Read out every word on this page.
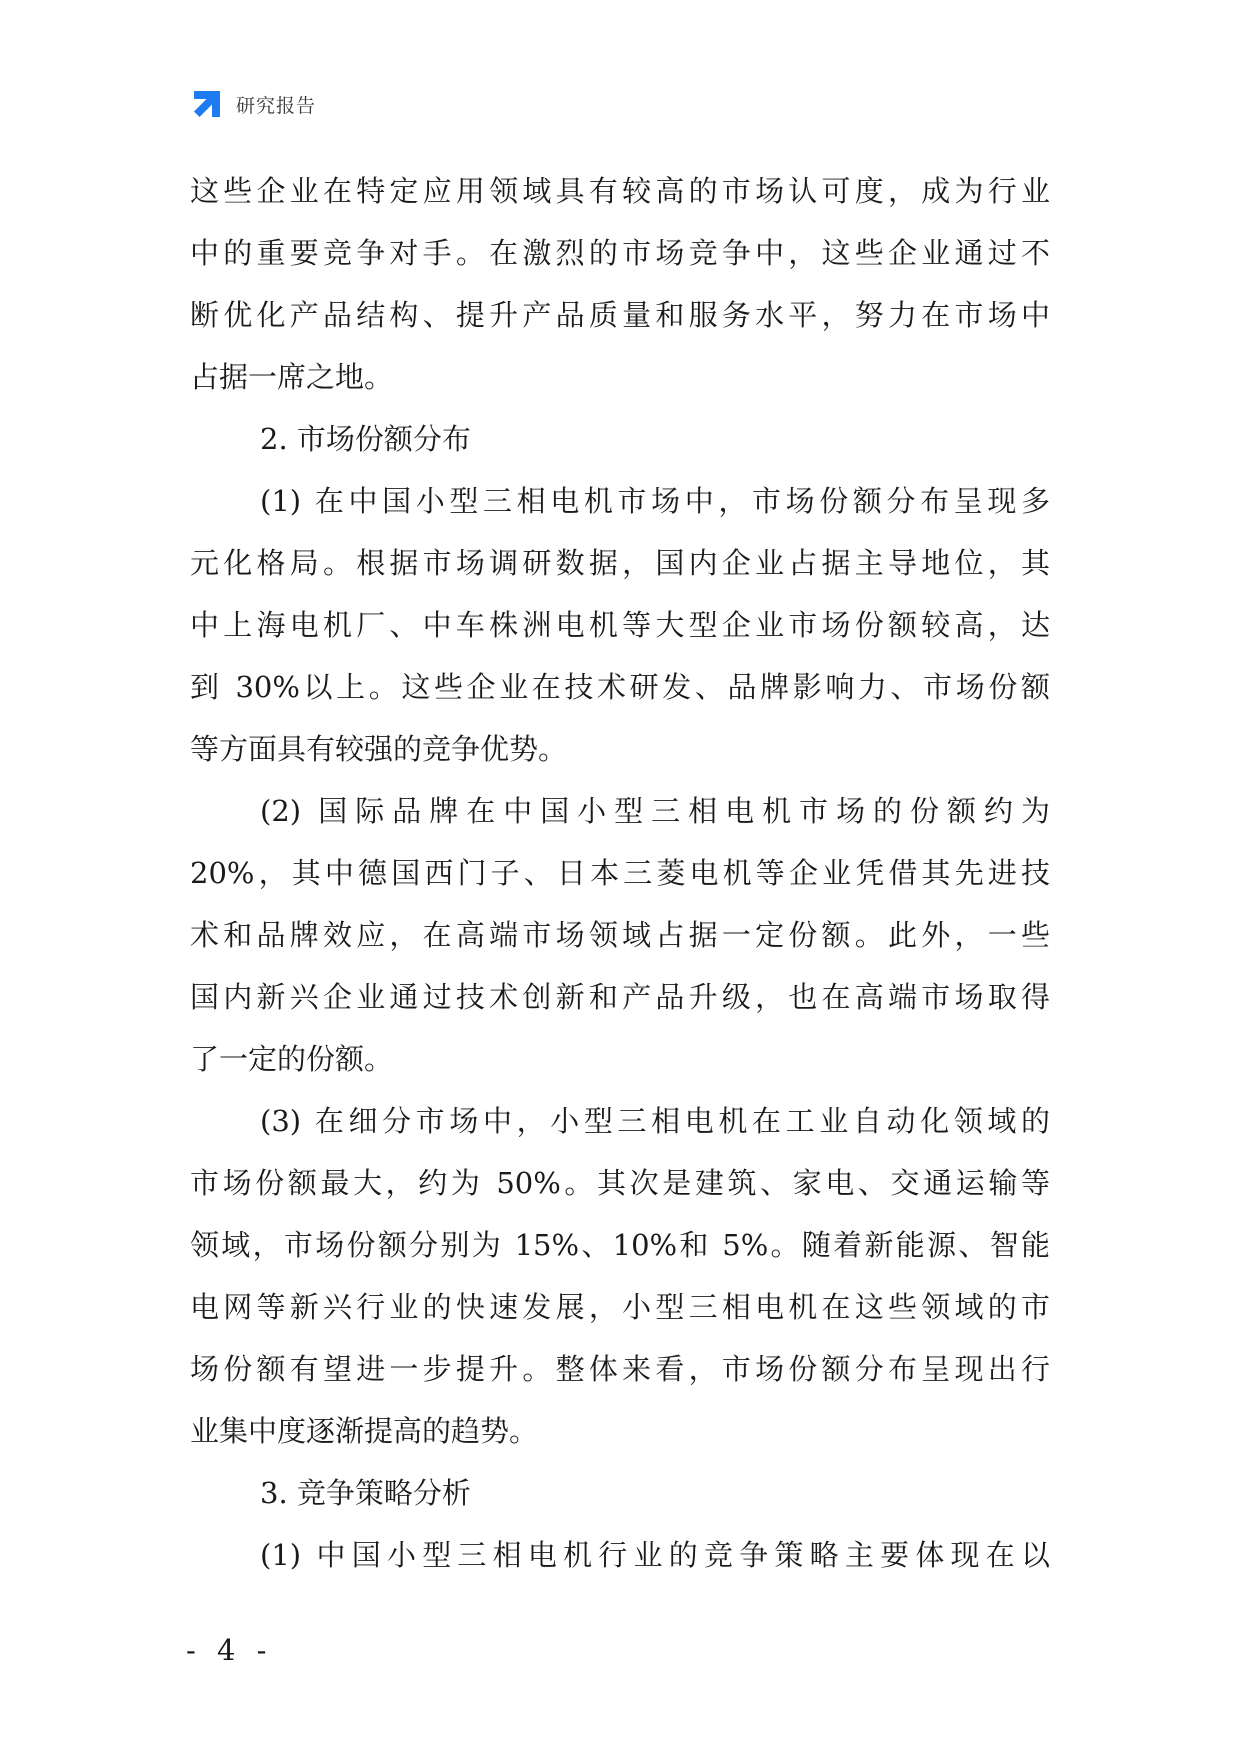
研究报告
这些企业在特定应用领域具有较高的市场认可度，成为行业
中的重要竞争对手。在激烈的市场竞争中，这些企业通过不
断优化产品结构、提升产品质量和服务水平，努力在市场中
占据一席之地。
2. 市场份额分布
(1) 在中国小型三相电机市场中，市场份额分布呈现多
元化格局。根据市场调研数据，国内企业占据主导地位，其
中上海电机厂、中车株洲电机等大型企业市场份额较高，达
到 30%以上。这些企业在技术研发、品牌影响力、市场份额
等方面具有较强的竞争优势。
(2) 国际品牌在中国小型三相电机市场的份额约为
20%，其中德国西门子、日本三菱电机等企业凭借其先进技
术和品牌效应，在高端市场领域占据一定份额。此外，一些
国内新兴企业通过技术创新和产品升级，也在高端市场取得
了一定的份额。
(3) 在细分市场中，小型三相电机在工业自动化领域的
市场份额最大，约为 50%。其次是建筑、家电、交通运输等
领域，市场份额分别为 15%、10%和 5%。随着新能源、智能
电网等新兴行业的快速发展，小型三相电机在这些领域的市
场份额有望进一步提升。整体来看，市场份额分布呈现出行
业集中度逐渐提高的趋势。
3. 竞争策略分析
(1) 中国小型三相电机行业的竞争策略主要体现在以
- 4 -
